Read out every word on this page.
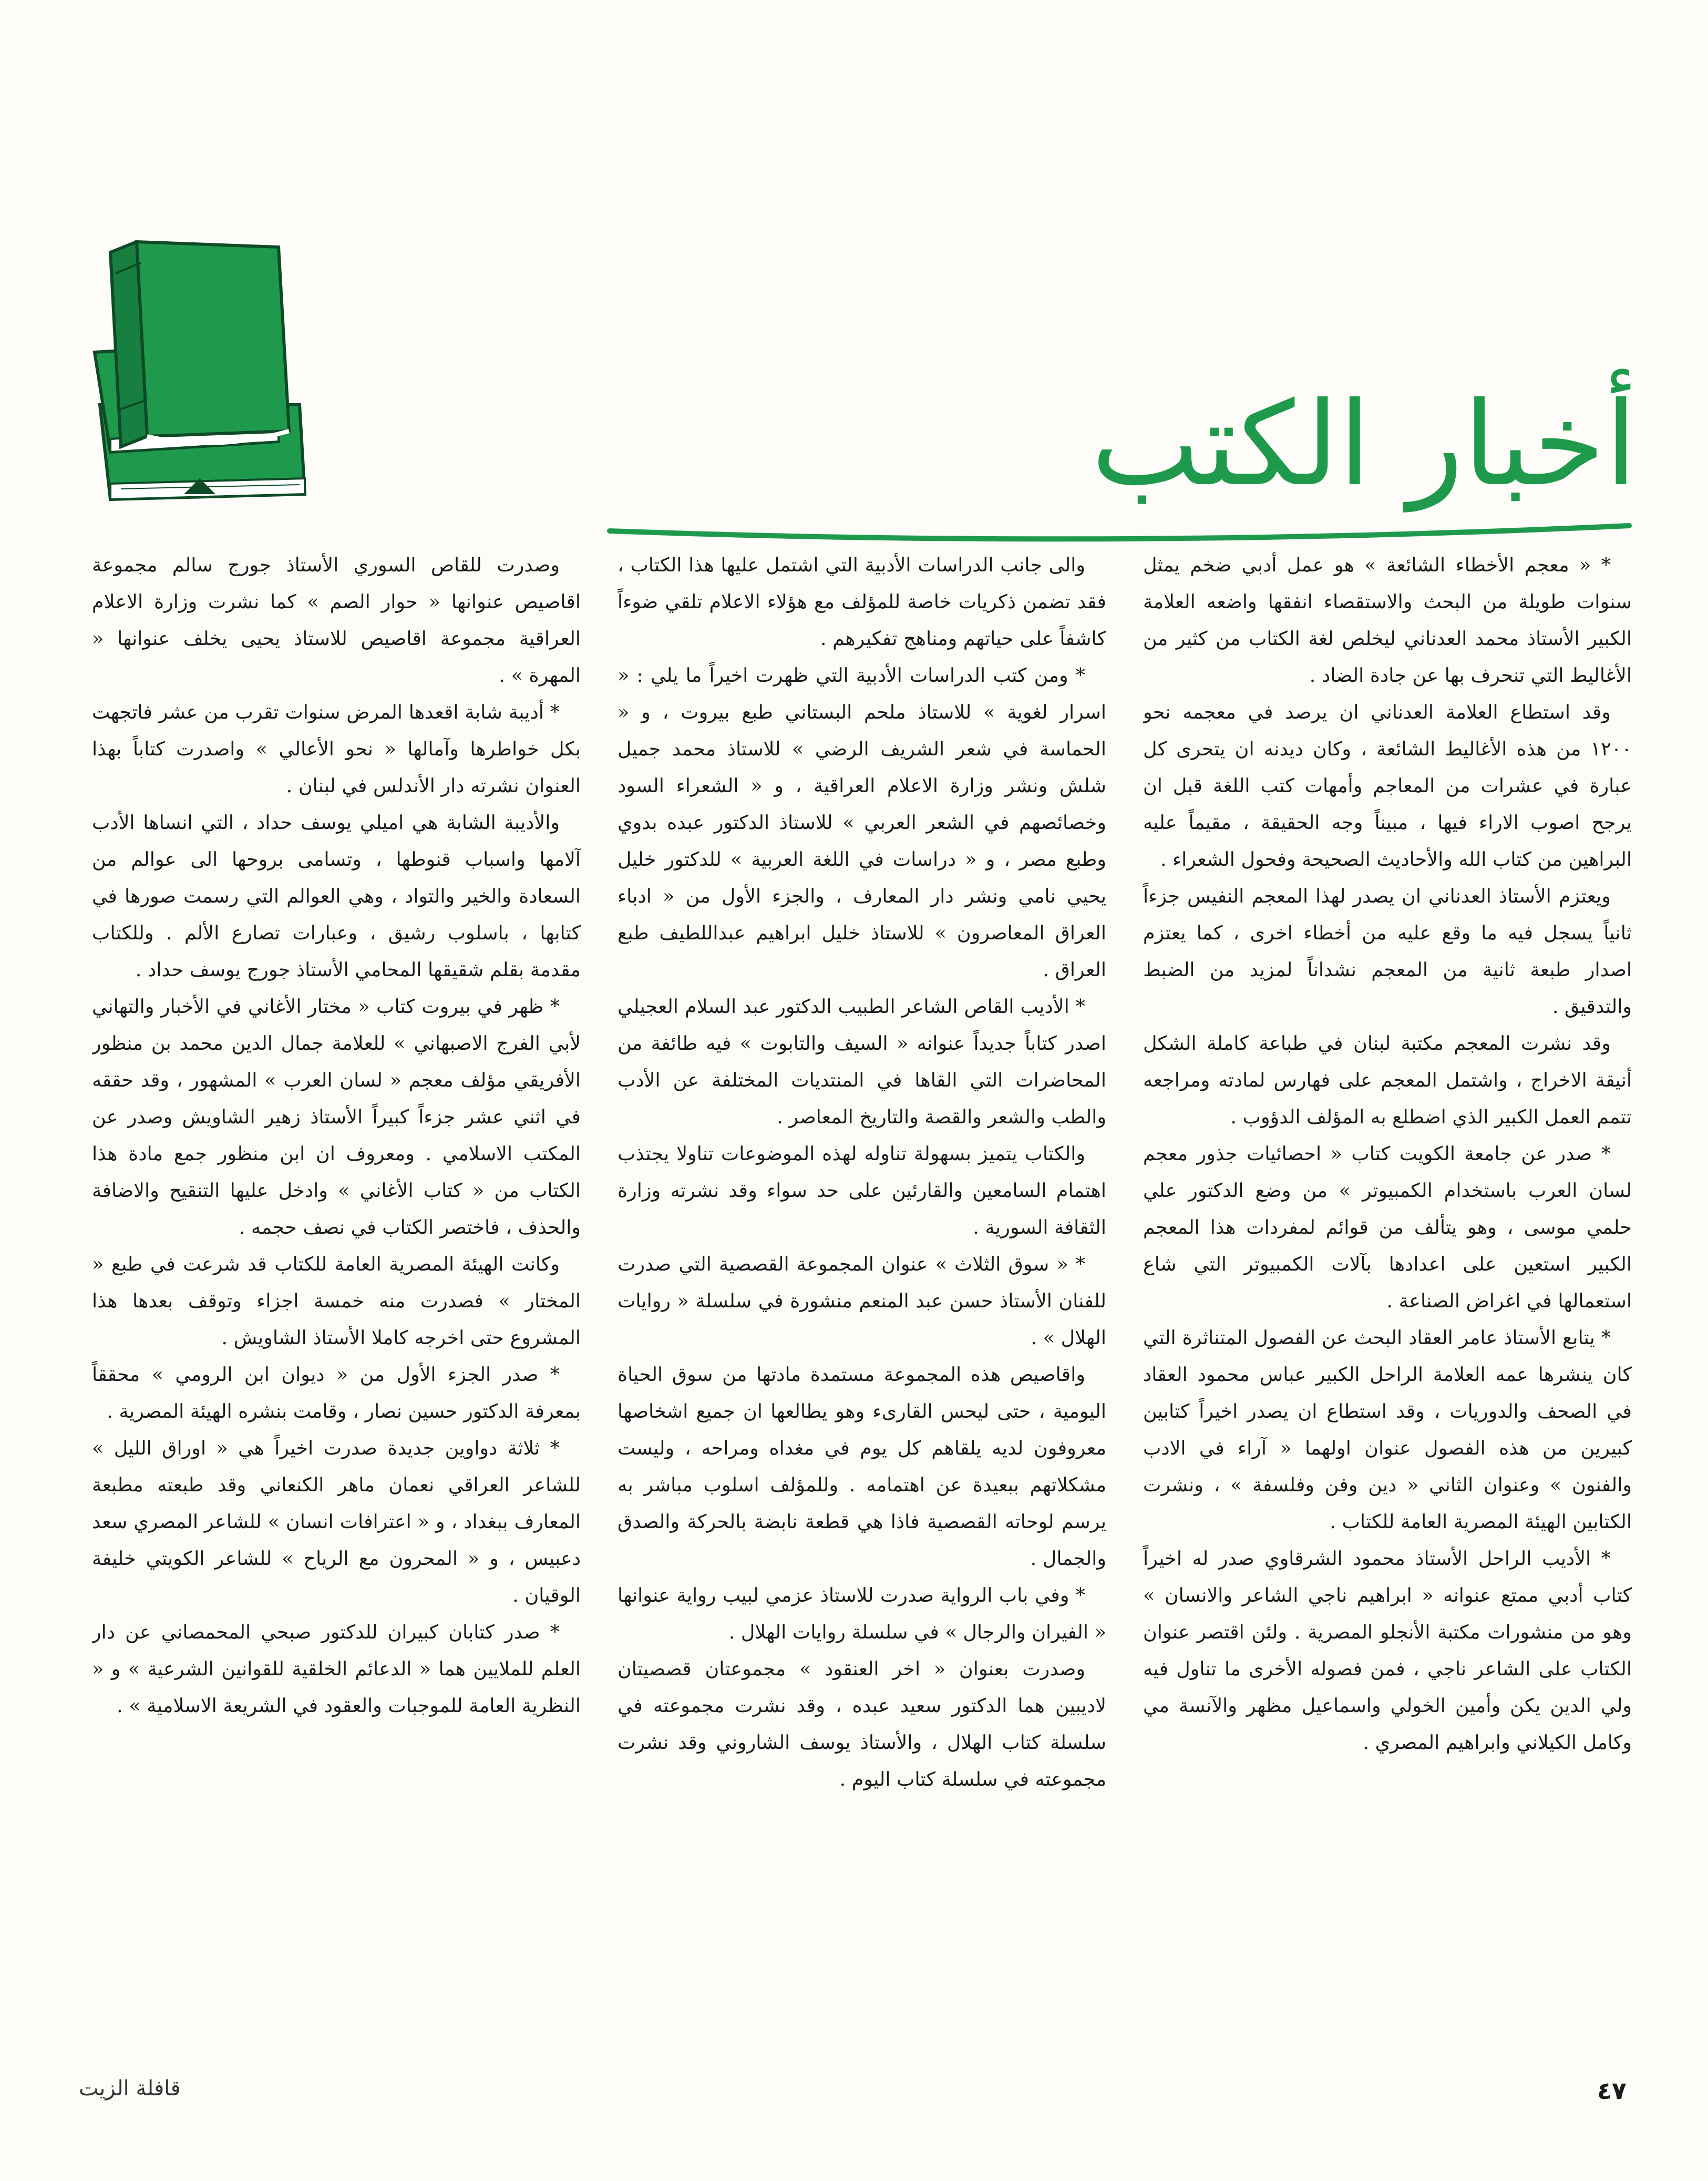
أخبار الكتب

* « معجم الأخطاء الشائعة » هو عمل أدبي ضخم يمثل سنوات طويلة من البحث والاستقصاء انفقها واضعه العلامة الكبير الأستاذ محمد العدناني ليخلص لغة الكتاب من كثير من الأغاليط التي تنحرف بها عن جادة الضاد .

وقد استطاع العلامة العدناني ان يرصد في معجمه نحو ١٢٠٠ من هذه الأغاليط الشائعة ، وكان ديدنه ان يتحرى كل عبارة في عشرات من المعاجم وأمهات كتب اللغة قبل ان يرجح اصوب الاراء فيها ، مبيناً وجه الحقيقة ، مقيماً عليه البراهين من كتاب الله والأحاديث الصحيحة وفحول الشعراء .

ويعتزم الأستاذ العدناني ان يصدر لهذا المعجم النفيس جزءاً ثانياً يسجل فيه ما وقع عليه من أخطاء اخرى ، كما يعتزم اصدار طبعة ثانية من المعجم نشداناً لمزيد من الضبط والتدقيق .

وقد نشرت المعجم مكتبة لبنان في طباعة كاملة الشكل أنيقة الاخراج ، واشتمل المعجم على فهارس لمادته ومراجعه تتمم العمل الكبير الذي اضطلع به المؤلف الدؤوب .

* صدر عن جامعة الكويت كتاب « احصائيات جذور معجم لسان العرب باستخدام الكمبيوتر » من وضع الدكتور علي حلمي موسى ، وهو يتألف من قوائم لمفردات هذا المعجم الكبير استعين على اعدادها بآلات الكمبيوتر التي شاع استعمالها في اغراض الصناعة .

* يتابع الأستاذ عامر العقاد البحث عن الفصول المتناثرة التي كان ينشرها عمه العلامة الراحل الكبير عباس محمود العقاد في الصحف والدوريات ، وقد استطاع ان يصدر اخيراً كتابين كبيرين من هذه الفصول عنوان اولهما « آراء في الادب والفنون » وعنوان الثاني « دين وفن وفلسفة » ، ونشرت الكتابين الهيئة المصرية العامة للكتاب .

* الأديب الراحل الأستاذ محمود الشرقاوي صدر له اخيراً كتاب أدبي ممتع عنوانه « ابراهيم ناجي الشاعر والانسان » وهو من منشورات مكتبة الأنجلو المصرية . ولئن اقتصر عنوان الكتاب على الشاعر ناجي ، فمن فصوله الأخرى ما تناول فيه ولي الدين يكن وأمين الخولي واسماعيل مظهر والآنسة مي وكامل الكيلاني وابراهيم المصري .

والى جانب الدراسات الأدبية التي اشتمل عليها هذا الكتاب ، فقد تضمن ذكريات خاصة للمؤلف مع هؤلاء الاعلام تلقي ضوءاً كاشفاً على حياتهم ومناهج تفكيرهم .

* ومن كتب الدراسات الأدبية التي ظهرت اخيراً ما يلي : « اسرار لغوية » للاستاذ ملحم البستاني طبع بيروت ، و « الحماسة في شعر الشريف الرضي » للاستاذ محمد جميل شلش ونشر وزارة الاعلام العراقية ، و « الشعراء السود وخصائصهم في الشعر العربي » للاستاذ الدكتور عبده بدوي وطبع مصر ، و « دراسات في اللغة العربية » للدكتور خليل يحيي نامي ونشر دار المعارف ، والجزء الأول من « ادباء العراق المعاصرون » للاستاذ خليل ابراهيم عبداللطيف طبع العراق .

* الأديب القاص الشاعر الطبيب الدكتور عبد السلام العجيلي اصدر كتاباً جديداً عنوانه « السيف والتابوت » فيه طائفة من المحاضرات التي القاها في المنتديات المختلفة عن الأدب والطب والشعر والقصة والتاريخ المعاصر .

والكتاب يتميز بسهولة تناوله لهذه الموضوعات تناولا يجتذب اهتمام السامعين والقارئين على حد سواء وقد نشرته وزارة الثقافة السورية .

* « سوق الثلاث » عنوان المجموعة القصصية التي صدرت للفنان الأستاذ حسن عبد المنعم منشورة في سلسلة « روايات الهلال » .

واقاصيص هذه المجموعة مستمدة مادتها من سوق الحياة اليومية ، حتى ليحس القارىء وهو يطالعها ان جميع اشخاصها معروفون لديه يلقاهم كل يوم في مغداه ومراحه ، وليست مشكلاتهم ببعيدة عن اهتمامه . وللمؤلف اسلوب مباشر به يرسم لوحاته القصصية فاذا هي قطعة نابضة بالحركة والصدق والجمال .

* وفي باب الرواية صدرت للاستاذ عزمي لبيب رواية عنوانها « الفيران والرجال » في سلسلة روايات الهلال .

وصدرت بعنوان « اخر العنقود » مجموعتان قصصيتان لاديبين هما الدكتور سعيد عبده ، وقد نشرت مجموعته في سلسلة كتاب الهلال ، والأستاذ يوسف الشاروني وقد نشرت مجموعته في سلسلة كتاب اليوم .

وصدرت للقاص السوري الأستاذ جورج سالم مجموعة اقاصيص عنوانها « حوار الصم » كما نشرت وزارة الاعلام العراقية مجموعة اقاصيص للاستاذ يحيى يخلف عنوانها « المهرة » .

* أديبة شابة اقعدها المرض سنوات تقرب من عشر فاتجهت بكل خواطرها وآمالها « نحو الأعالي » واصدرت كتاباً بهذا العنوان نشرته دار الأندلس في لبنان .

والأديبة الشابة هي اميلي يوسف حداد ، التي انساها الأدب آلامها واسباب قنوطها ، وتسامى بروحها الى عوالم من السعادة والخير والتواد ، وهي العوالم التي رسمت صورها في كتابها ، باسلوب رشيق ، وعبارات تصارع الألم . وللكتاب مقدمة بقلم شقيقها المحامي الأستاذ جورج يوسف حداد .

* ظهر في بيروت كتاب « مختار الأغاني في الأخبار والتهاني لأبي الفرج الاصبهاني » للعلامة جمال الدين محمد بن منظور الأفريقي مؤلف معجم « لسان العرب » المشهور ، وقد حققه في اثني عشر جزءاً كبيراً الأستاذ زهير الشاويش وصدر عن المكتب الاسلامي . ومعروف ان ابن منظور جمع مادة هذا الكتاب من « كتاب الأغاني » وادخل عليها التنقيح والاضافة والحذف ، فاختصر الكتاب في نصف حجمه .

وكانت الهيئة المصرية العامة للكتاب قد شرعت في طبع « المختار » فصدرت منه خمسة اجزاء وتوقف بعدها هذا المشروع حتى اخرجه كاملا الأستاذ الشاويش .

* صدر الجزء الأول من « ديوان ابن الرومي » محققاً بمعرفة الدكتور حسين نصار ، وقامت بنشره الهيئة المصرية .

* ثلاثة دواوين جديدة صدرت اخيراً هي « اوراق الليل » للشاعر العراقي نعمان ماهر الكنعاني وقد طبعته مطبعة المعارف ببغداد ، و « اعترافات انسان » للشاعر المصري سعد دعبيس ، و « المحرون مع الرياح » للشاعر الكويتي خليفة الوقيان .

* صدر كتابان كبيران للدكتور صبحي المحمصاني عن دار العلم للملايين هما « الدعائم الخلقية للقوانين الشرعية » و « النظرية العامة للموجبات والعقود في الشريعة الاسلامية » .

٤٧
قافلة الزيت
